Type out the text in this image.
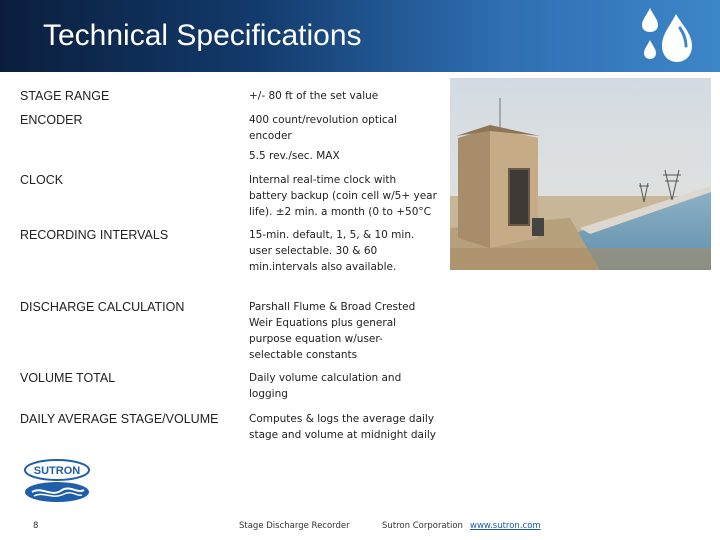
Technical Specifications
STAGE RANGE	+/- 80 ft of the set value
ENCODER	400 count/revolution optical
encoder
5.5 rev./sec. MAX
CLOCK	Internal real-time clock with
battery backup (coin cell w/5+ year
life). ±2 min. a month (0 to +50°C
RECORDING INTERVALS	15-min. default, 1, 5, & 10 min.
user selectable. 30 & 60
min.intervals also available.
DISCHARGE CALCULATION	Parshall Flume & Broad Crested
Weir Equations plus general
purpose equation w/user-
selectable constants
VOLUME TOTAL	Daily volume calculation and
logging
DAILY AVERAGE STAGE/VOLUME	Computes & logs the average daily
stage and volume at midnight daily
SUTRON
8	Stage Discharge Recorder	Sutron Corporation www.sutron.com
